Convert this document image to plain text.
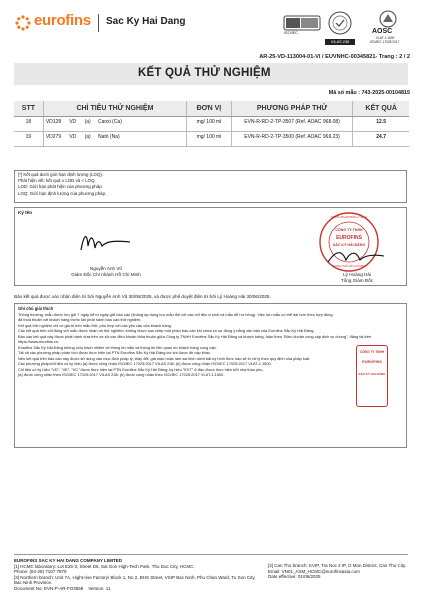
eurofins Sac Ky Hai Dang
ISO/IEC
VILAS 238
AOSC
VLAT-1.1500
ISO/IEC 17025:2017
AR-25-VD-113004-01-VI / EUVNHC-00345821- Trang : 2 / 2
KẾT QUẢ THỬ NGHIỆM
Mã số mẫu : 743-2025-00104815
STT	CHỈ TIÊU THỬ NGHIỆM	ĐƠN VỊ	PHƯƠNG PHÁP THỬ	KẾT QUẢ
18	VD128 VD (a) Canxi (Ca)	mg/ 100 ml	EVN-R-RD-2-TP-3507 (Ref. AOAC 968.08)	12.5
19	VD279 VD (a) Natri (Na)	mg/ 100 ml	EVN-R-RD-2-TP-3500 (Ref. AOAC 969.23)	24.7
[*] Kết quả dưới giới hạn định lượng (LOQ).
Phát hiện vết: kết quả ≥ LOD và < LOQ.
LOD: Giới hạn phát hiện của phương pháp.
LOQ: Giới hạn định lượng của phương pháp.
Ký tên
Nguyễn Anh Vũ
Giám Đốc Chi nhánh Hồ Chí Minh
CÔNG TY TNHH
EUROFINS
SẮC KÝ HẢI ĐĂNG
MSDN:0311266665-C.TNHH
THÀNH PHỐ HỒ CHÍ MINH
Lý Hoàng Hải
Tổng Giám Đốc
Bản kết quả được xác nhận điện tử bởi Nguyễn Anh Vũ 30/06/2025, và được phê duyệt điện tử bởi Lý Hoàng Hải 30/06/2025.
Ghi chú giải thích
Thông thường, mẫu được lưu giữ 7 ngày kể từ ngày gửi báo cáo (không áp dụng lưu mẫu đối với các chỉ tiêu vi sinh và mẫu dễ hư hỏng). Việc lưu mẫu có thể dài hơn theo hợp đồng
đã thoả thuận với khách hàng trước khi phát hành báo cáo thử nghiệm.
Kết quả thử nghiệm chỉ có giá trị trên mẫu thử, phù hợp với các yêu cầu của khách hàng.
Các kết quả trên chỉ đúng với mẫu được nhận và thử nghiệm; không được sao chép một phần báo cáo khi chưa có sự đồng ý bằng văn bản của Eurofins Sắc Ký Hải Đăng.
Báo cáo kết quả này được phát hành dựa trên cơ sở các điều khoản thỏa thuận giữa Công ty TNHH Eurofins Sắc Ký Hải Đăng và khách hàng, tuân theo "Điều khoản cung cấp dịch vụ chung", đăng tải trên https://www.eurofins.vn.
Eurofins Sắc Ký Hải Đăng không chịu trách nhiệm về thông tin mẫu và thông tin liên quan do khách hàng cung cấp.
Tất cả các phương pháp phân tích được thực hiện tại PTN Eurofins Sắc Ký Hải Đăng trừ khi được đề cập khác.
Nếu kết quả trên báo cáo này được sử dụng vào mục đích pháp lý, thay đổi, giả mạo hoặc làm sai lệch dưới bất kỳ hình thức nào sẽ bị xử lý theo quy định của pháp luật.
Các phương pháp/chỉ tiêu có ký hiệu (a) được công nhận ISO/IEC 17025:2017 VILAS 238; (b) được công nhận ISO/IEC 17025:2017 VLAT-1.1500.
Chỉ tiêu có ký hiệu "VD", "VE", "VC" được thực hiện tại PTN Eurofins Sắc Ký Hải Đăng; ký hiệu "EXT" ở đầu được thực hiện bởi nhà thầu phụ.
(a) được công nhận theo ISO/IEC 17025:2017 VILAS 238; (b) được công nhận theo ISO/IEC 17025:2017 VLAT-1.1500.
CÔNG TY TNHH
EUROFINS
SẮC KÝ HẢI ĐĂNG
EUROFINS SAC KY HAI DANG COMPANY LIMITED
[1] HCMC laboratory: Lot E2b-3, Street D6, Sai Gon High-Tech Park, Thu Duc City, HCMC.
Phone: (84-28) 7107 7879
[3] Northern branch: Unit 7A, Hight-rise Factory/ Block 1, No 2, BHS Street, VSIP Bac Ninh, Phu Chan Ward, Tu Son City, Bac Ninh Province.
Document No: EVN-P-AR-FO3559 Version: 11
[2] Can Tho branch: KVIP, Tra Noc 2 IP, O Mon District, Can Tho City.
Email: VN01_ASM_HCMC@eurofinsasia.com
Date effective: 01/06/2025
